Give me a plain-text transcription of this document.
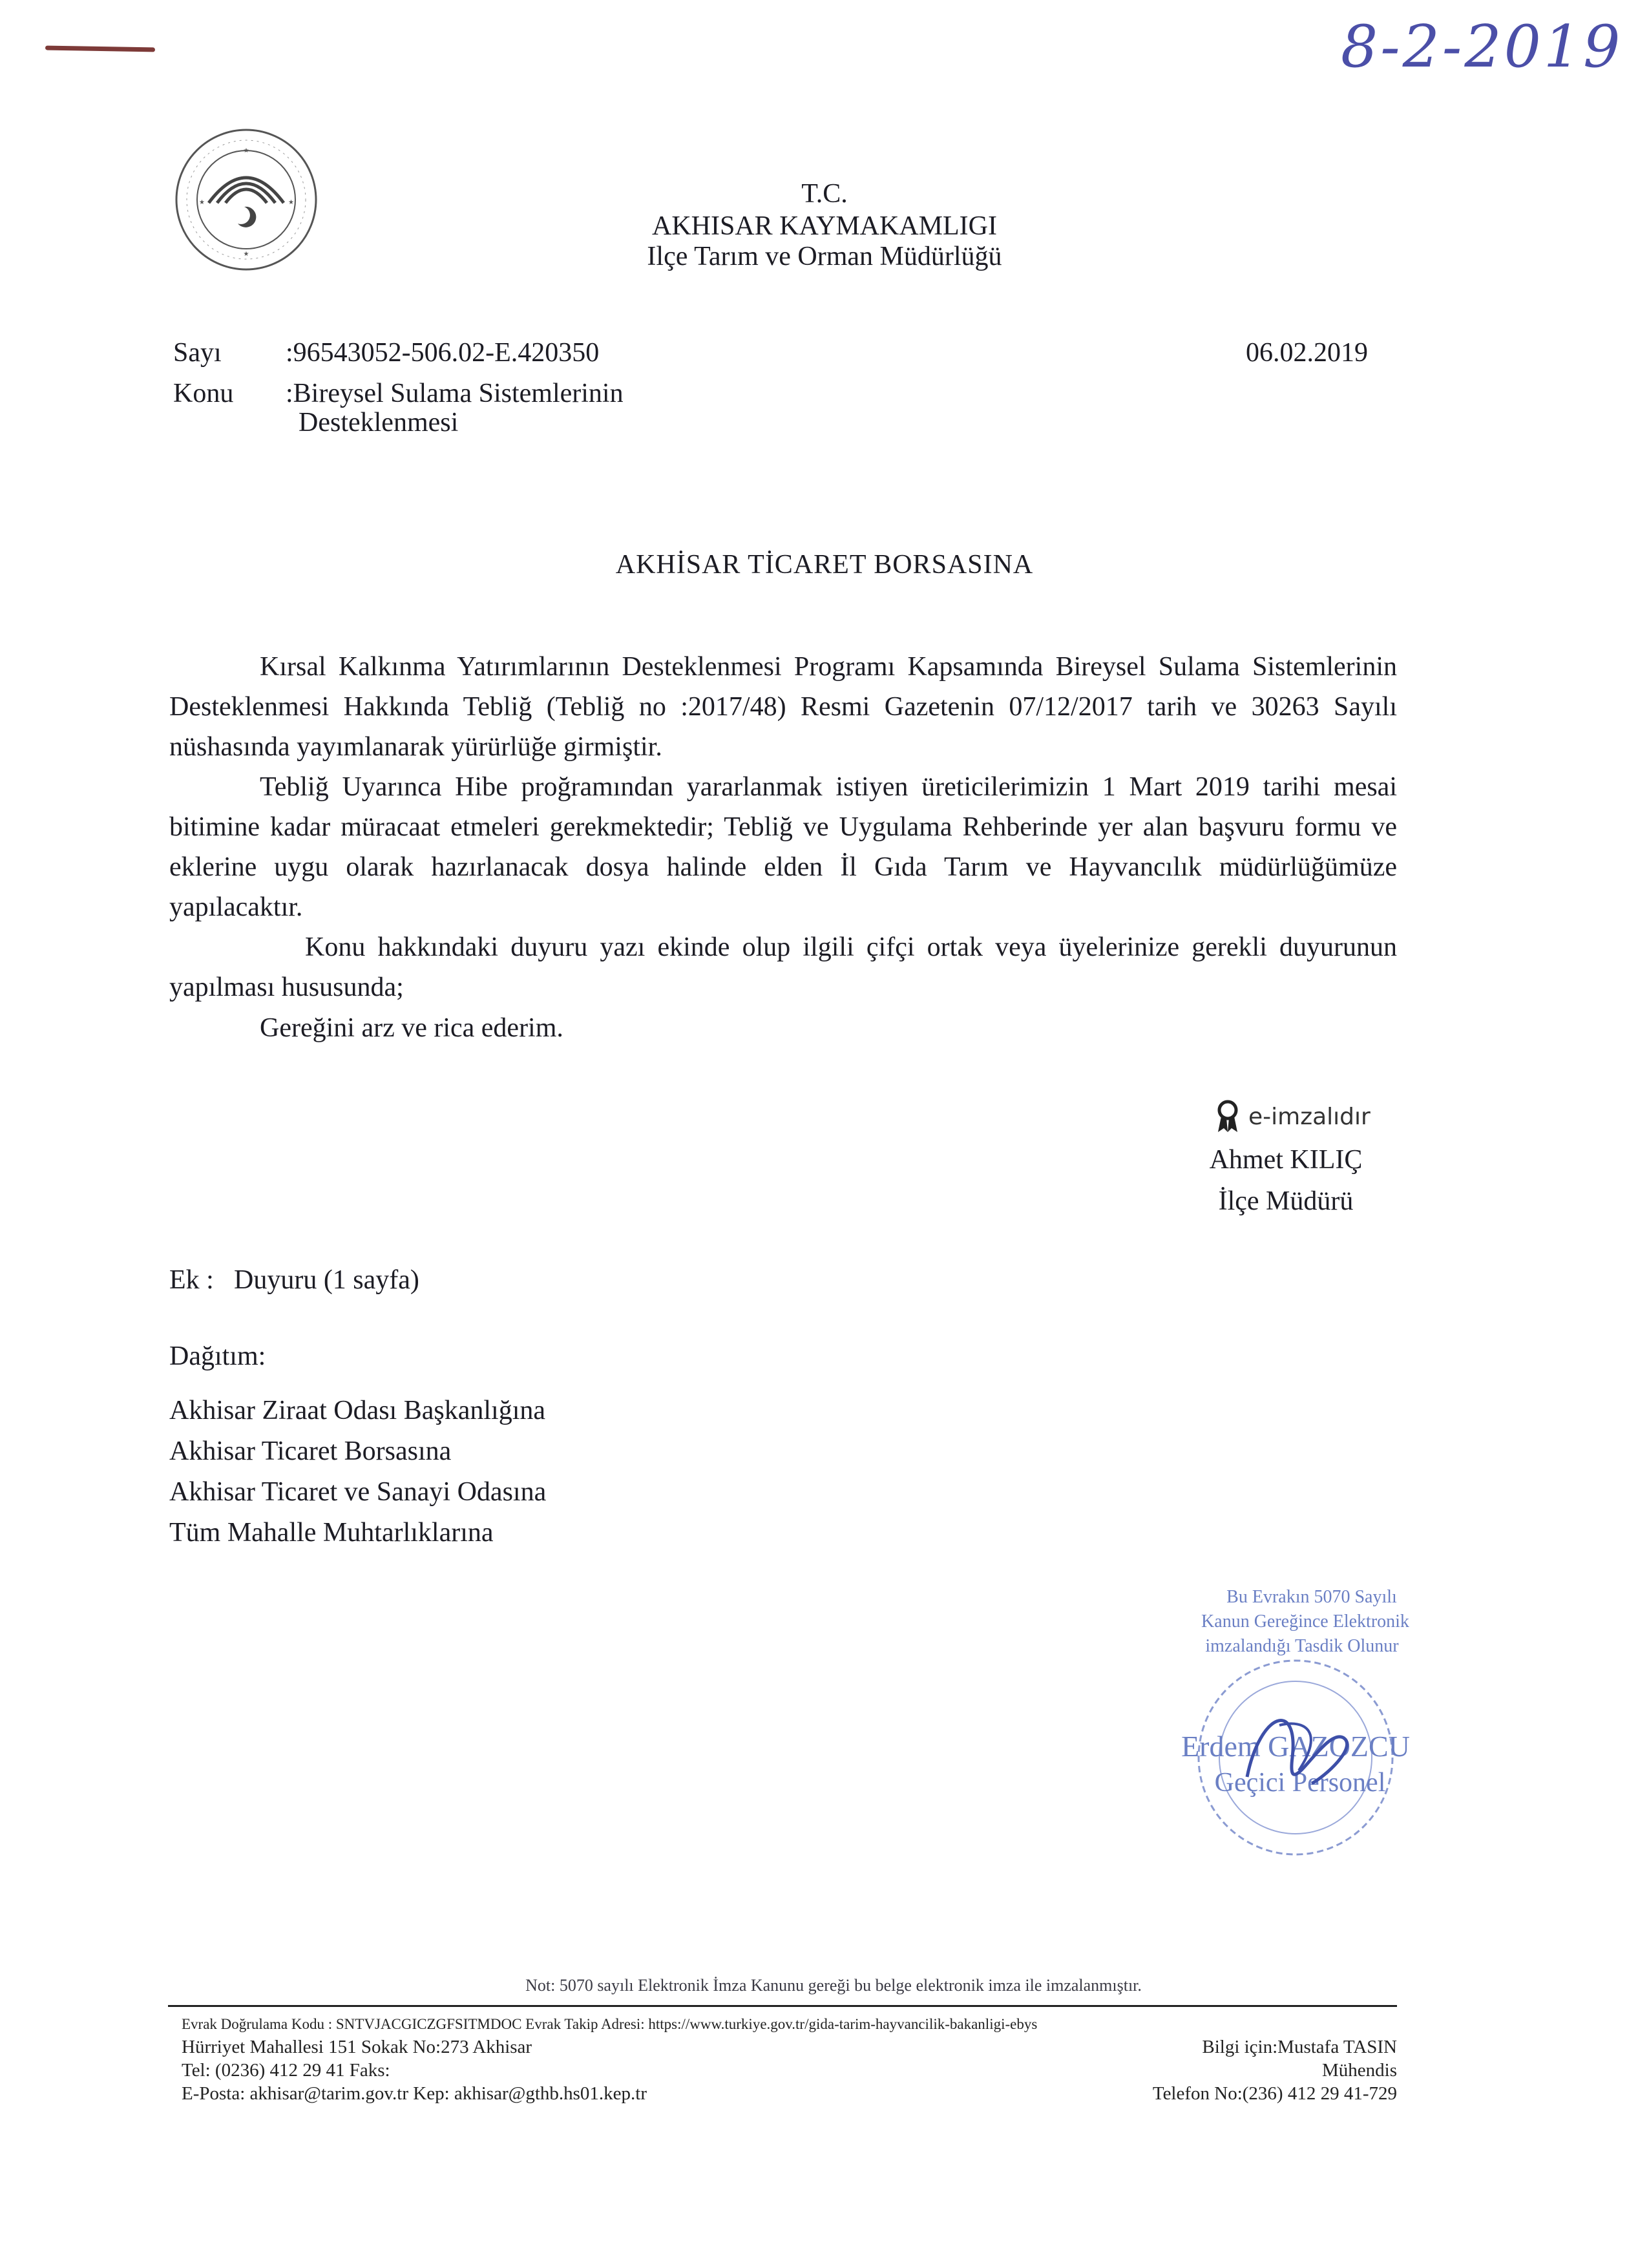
8-2-2019
★
★
★	★
★
T.C.
AKHISAR KAYMAKAMLIGI
Ilçe Tarım ve Orman Müdürlüğü
Sayı :96543052-506.02-E.420350	06.02.2019
Konu :Bireysel Sulama Sistemlerinin
Desteklenmesi
AKHİSAR TİCARET BORSASINA
Kırsal Kalkınma Yatırımlarının Desteklenmesi Programı Kapsamında Bireysel Sulama Sistemlerinin Desteklenmesi Hakkında Tebliğ (Tebliğ no :2017/48) Resmi Gazetenin 07/12/2017 tarih ve 30263 Sayılı nüshasında yayımlanarak yürürlüğe girmiştir.
Tebliğ Uyarınca Hibe proğramından yararlanmak istiyen üreticilerimizin 1 Mart 2019 tarihi mesai bitimine kadar müracaat etmeleri gerekmektedir; Tebliğ ve Uygulama Rehberinde yer alan başvuru formu ve eklerine uygu olarak hazırlanacak dosya halinde elden İl Gıda Tarım ve Hayvancılık müdürlüğümüze yapılacaktır.
Konu hakkındaki duyuru yazı ekinde olup ilgili çifçi ortak veya üyelerinize gerekli duyurunun yapılması hususunda;
Gereğini arz ve rica ederim.
e-imzalıdır
Ahmet KILIÇ
İlçe Müdürü
Ek : Duyuru (1 sayfa)
Dağıtım:
Akhisar Ziraat Odası Başkanlığına
Akhisar Ticaret Borsasına
Akhisar Ticaret ve Sanayi Odasına
Tüm Mahalle Muhtarlıklarına
Bu Evrakın 5070 Sayılı
Kanun Gereğince Elektronik
imzalandığı Tasdik Olunur
Erdem GAZOZCU
Geçici Personel
Not: 5070 sayılı Elektronik İmza Kanunu gereği bu belge elektronik imza ile imzalanmıştır.
Evrak Doğrulama Kodu : SNTVJACGICZGFSITMDOC Evrak Takip Adresi: https://www.turkiye.gov.tr/gida-tarim-hayvancilik-bakanligi-ebys
Hürriyet Mahallesi 151 Sokak No:273 Akhisar
Tel: (0236) 412 29 41 Faks:
E-Posta: akhisar@tarim.gov.tr Kep: akhisar@gthb.hs01.kep.tr
Bilgi için:Mustafa TASIN
Mühendis
Telefon No:(236) 412 29 41-729
